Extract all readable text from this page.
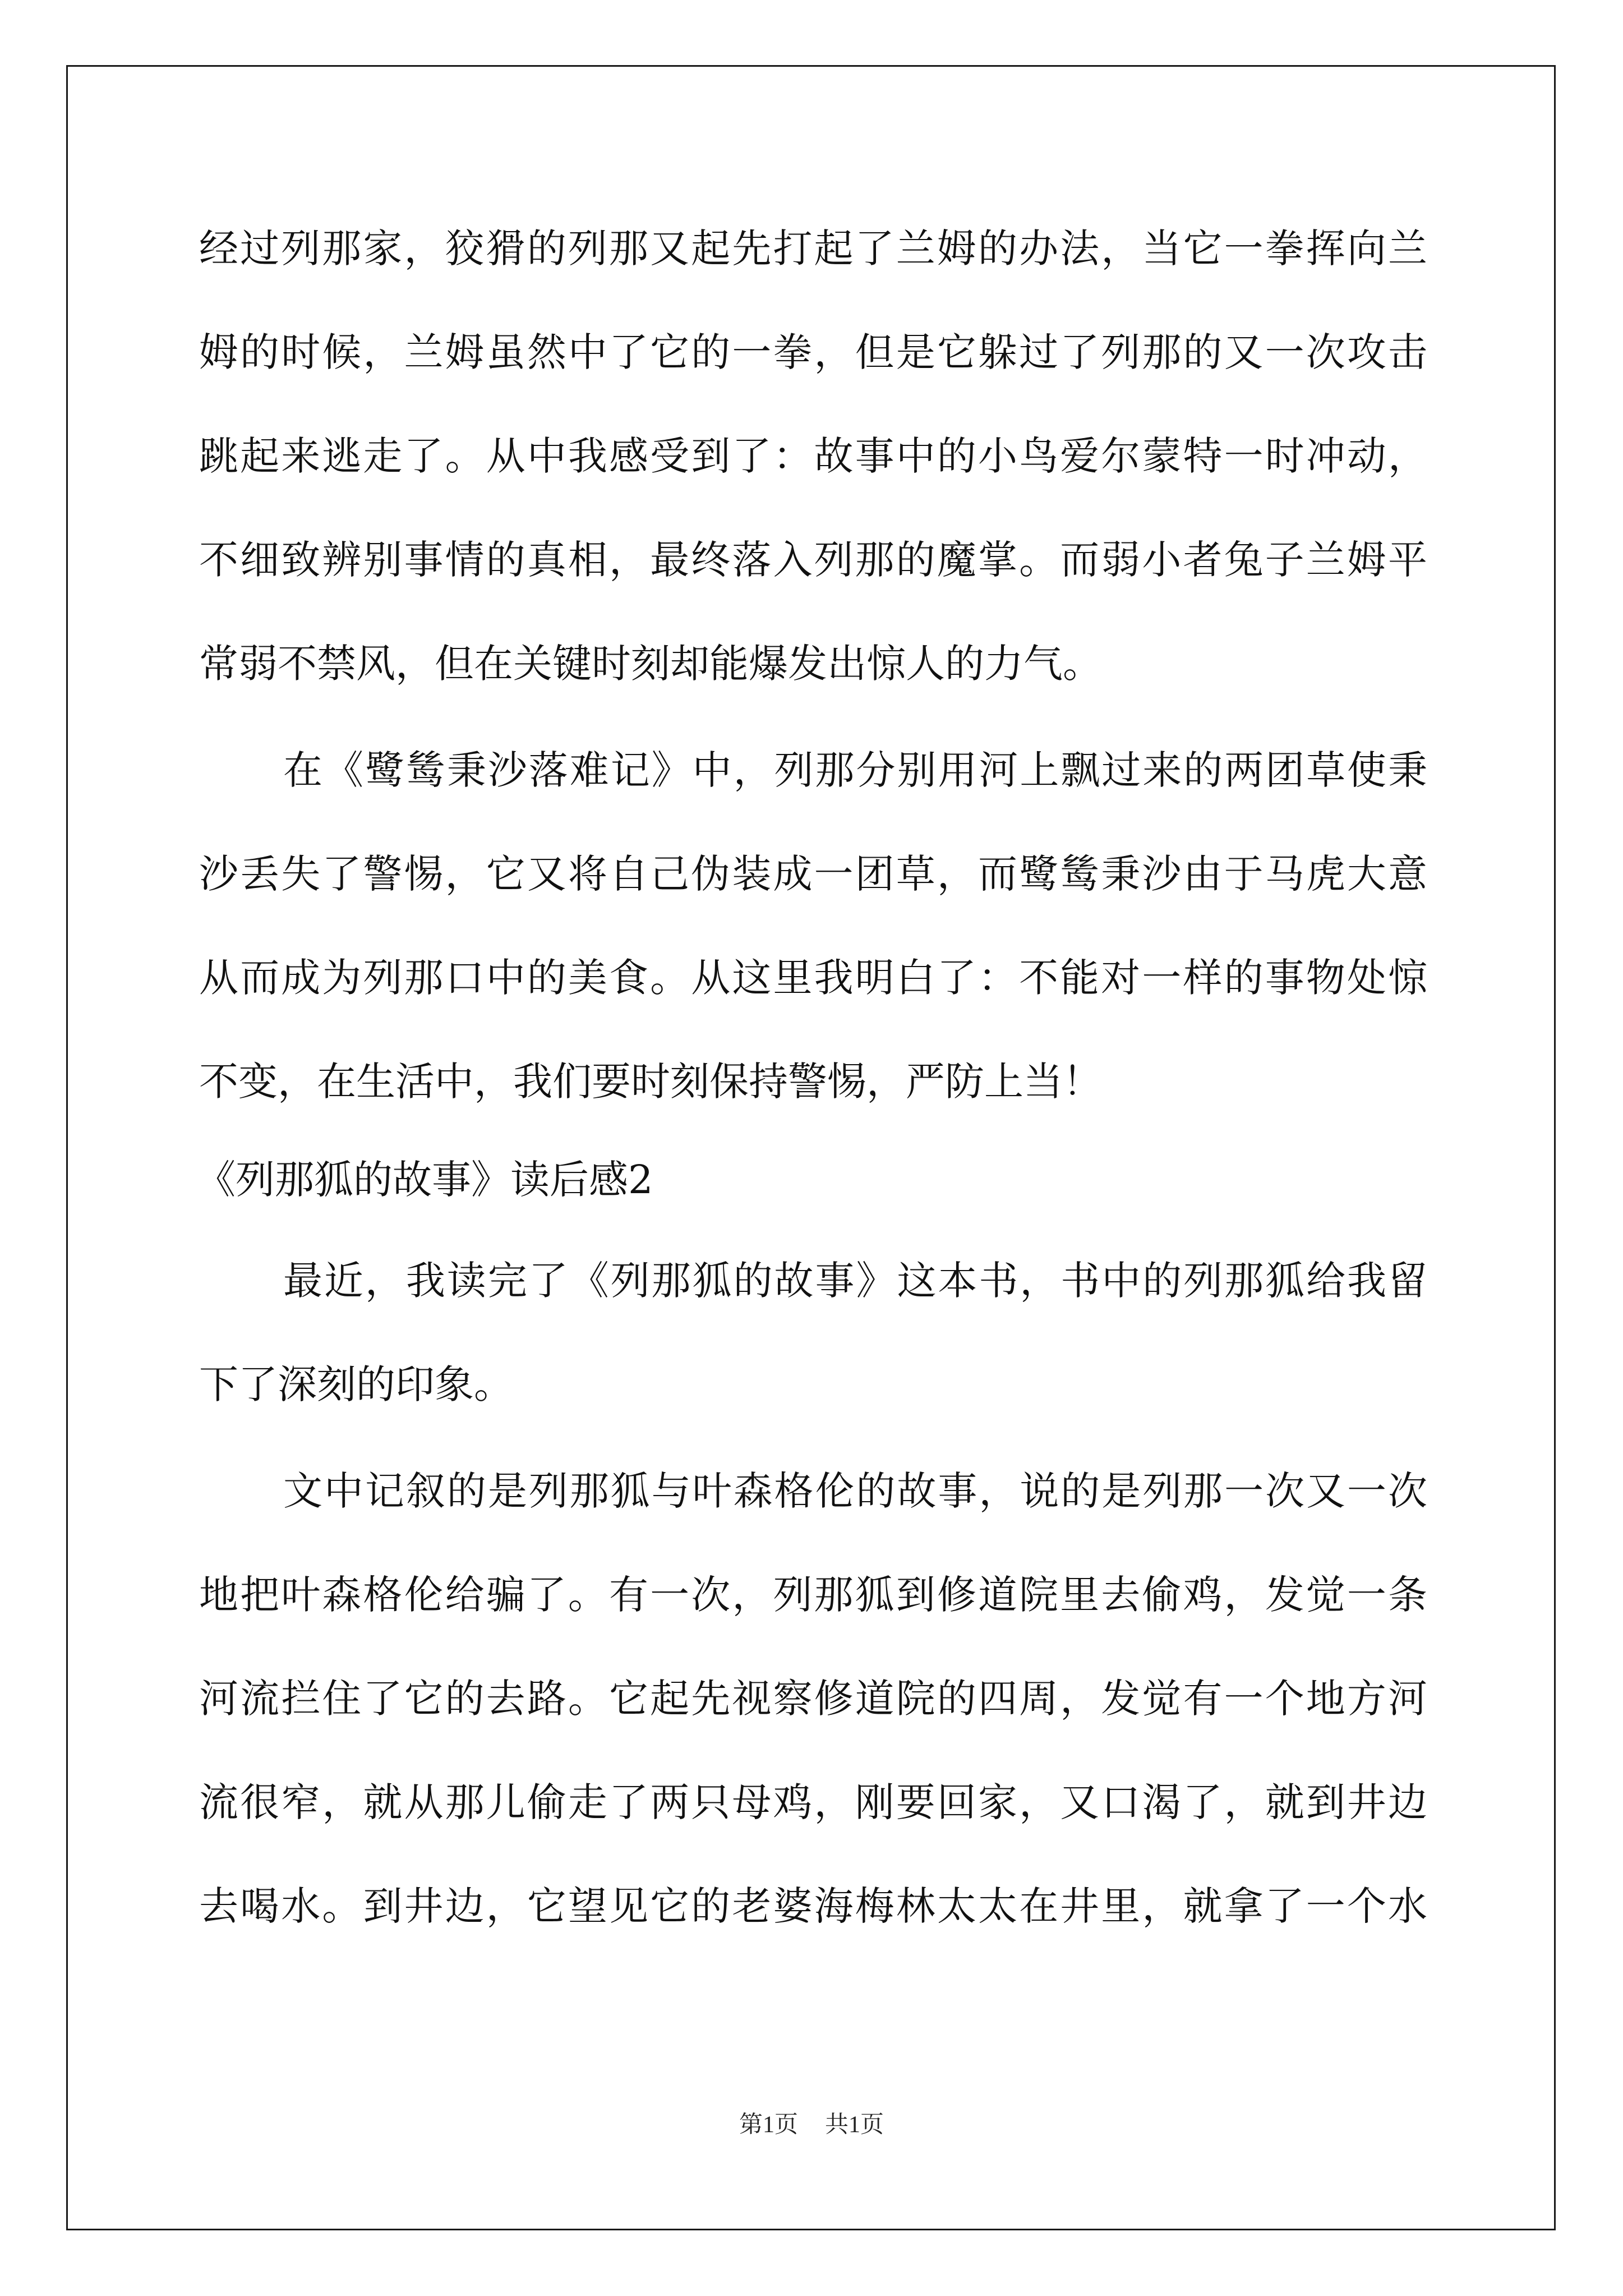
经过列那家，狡猾的列那又起先打起了兰姆的办法，当它一拳挥向兰
姆的时候，兰姆虽然中了它的一拳，但是它躲过了列那的又一次攻击
跳起来逃走了。从中我感受到了：故事中的小鸟爱尔蒙特一时冲动，
不细致辨别事情的真相，最终落入列那的魔掌。而弱小者兔子兰姆平
常弱不禁风，但在关键时刻却能爆发出惊人的力气。
在《鹭鸶秉沙落难记》中，列那分别用河上飘过来的两团草使秉
沙丢失了警惕，它又将自己伪装成一团草，而鹭鸶秉沙由于马虎大意
从而成为列那口中的美食。从这里我明白了：不能对一样的事物处惊
不变，在生活中，我们要时刻保持警惕，严防上当！
《列那狐的故事》读后感2
最近，我读完了《列那狐的故事》这本书，书中的列那狐给我留
下了深刻的印象。
文中记叙的是列那狐与叶森格伦的故事，说的是列那一次又一次
地把叶森格伦给骗了。有一次，列那狐到修道院里去偷鸡，发觉一条
河流拦住了它的去路。它起先视察修道院的四周，发觉有一个地方河
流很窄，就从那儿偷走了两只母鸡，刚要回家，又口渴了，就到井边
去喝水。到井边，它望见它的老婆海梅林太太在井里，就拿了一个水
第1页 共1页
